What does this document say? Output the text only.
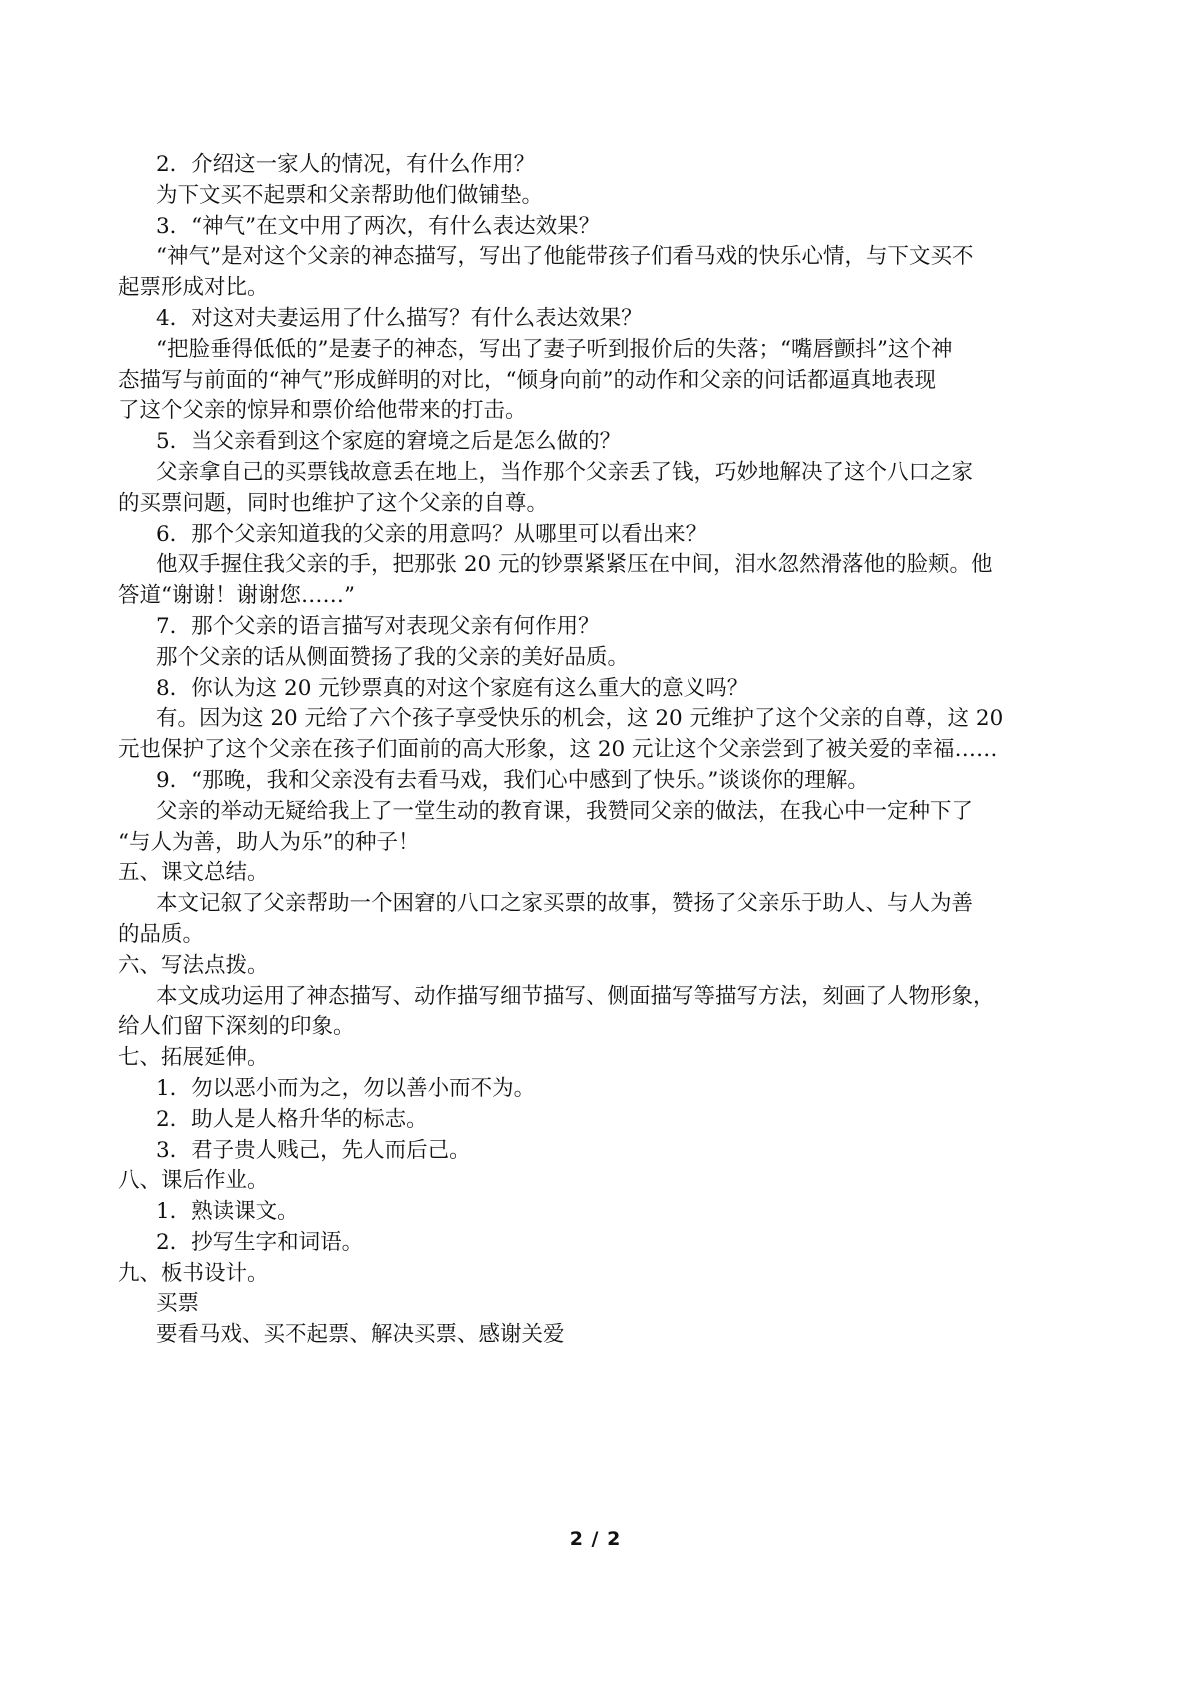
2．介绍这一家人的情况，有什么作用？
为下文买不起票和父亲帮助他们做铺垫。
3．“神气”在文中用了两次，有什么表达效果？
“神气”是对这个父亲的神态描写，写出了他能带孩子们看马戏的快乐心情，与下文买不
起票形成对比。
4．对这对夫妻运用了什么描写？有什么表达效果？
“把脸垂得低低的”是妻子的神态，写出了妻子听到报价后的失落；“嘴唇颤抖”这个神
态描写与前面的“神气”形成鲜明的对比，“倾身向前”的动作和父亲的问话都逼真地表现
了这个父亲的惊异和票价给他带来的打击。
5．当父亲看到这个家庭的窘境之后是怎么做的？
父亲拿自己的买票钱故意丢在地上，当作那个父亲丢了钱，巧妙地解决了这个八口之家
的买票问题，同时也维护了这个父亲的自尊。
6．那个父亲知道我的父亲的用意吗？从哪里可以看出来？
他双手握住我父亲的手，把那张 20 元的钞票紧紧压在中间，泪水忽然滑落他的脸颊。他
答道“谢谢！谢谢您……”
7．那个父亲的语言描写对表现父亲有何作用？
那个父亲的话从侧面赞扬了我的父亲的美好品质。
8．你认为这 20 元钞票真的对这个家庭有这么重大的意义吗？
有。因为这 20 元给了六个孩子享受快乐的机会，这 20 元维护了这个父亲的自尊，这 20
元也保护了这个父亲在孩子们面前的高大形象，这 20 元让这个父亲尝到了被关爱的幸福……
9．“那晚，我和父亲没有去看马戏，我们心中感到了快乐。”谈谈你的理解。
父亲的举动无疑给我上了一堂生动的教育课，我赞同父亲的做法，在我心中一定种下了
“与人为善，助人为乐”的种子！
五、课文总结。
本文记叙了父亲帮助一个困窘的八口之家买票的故事，赞扬了父亲乐于助人、与人为善
的品质。
六、写法点拨。
本文成功运用了神态描写、动作描写细节描写、侧面描写等描写方法，刻画了人物形象，
给人们留下深刻的印象。
七、拓展延伸。
1．勿以恶小而为之，勿以善小而不为。
2．助人是人格升华的标志。
3．君子贵人贱己，先人而后己。
八、课后作业。
1．熟读课文。
2．抄写生字和词语。
九、板书设计。
买票
要看马戏、买不起票、解决买票、感谢关爱
2 / 2
